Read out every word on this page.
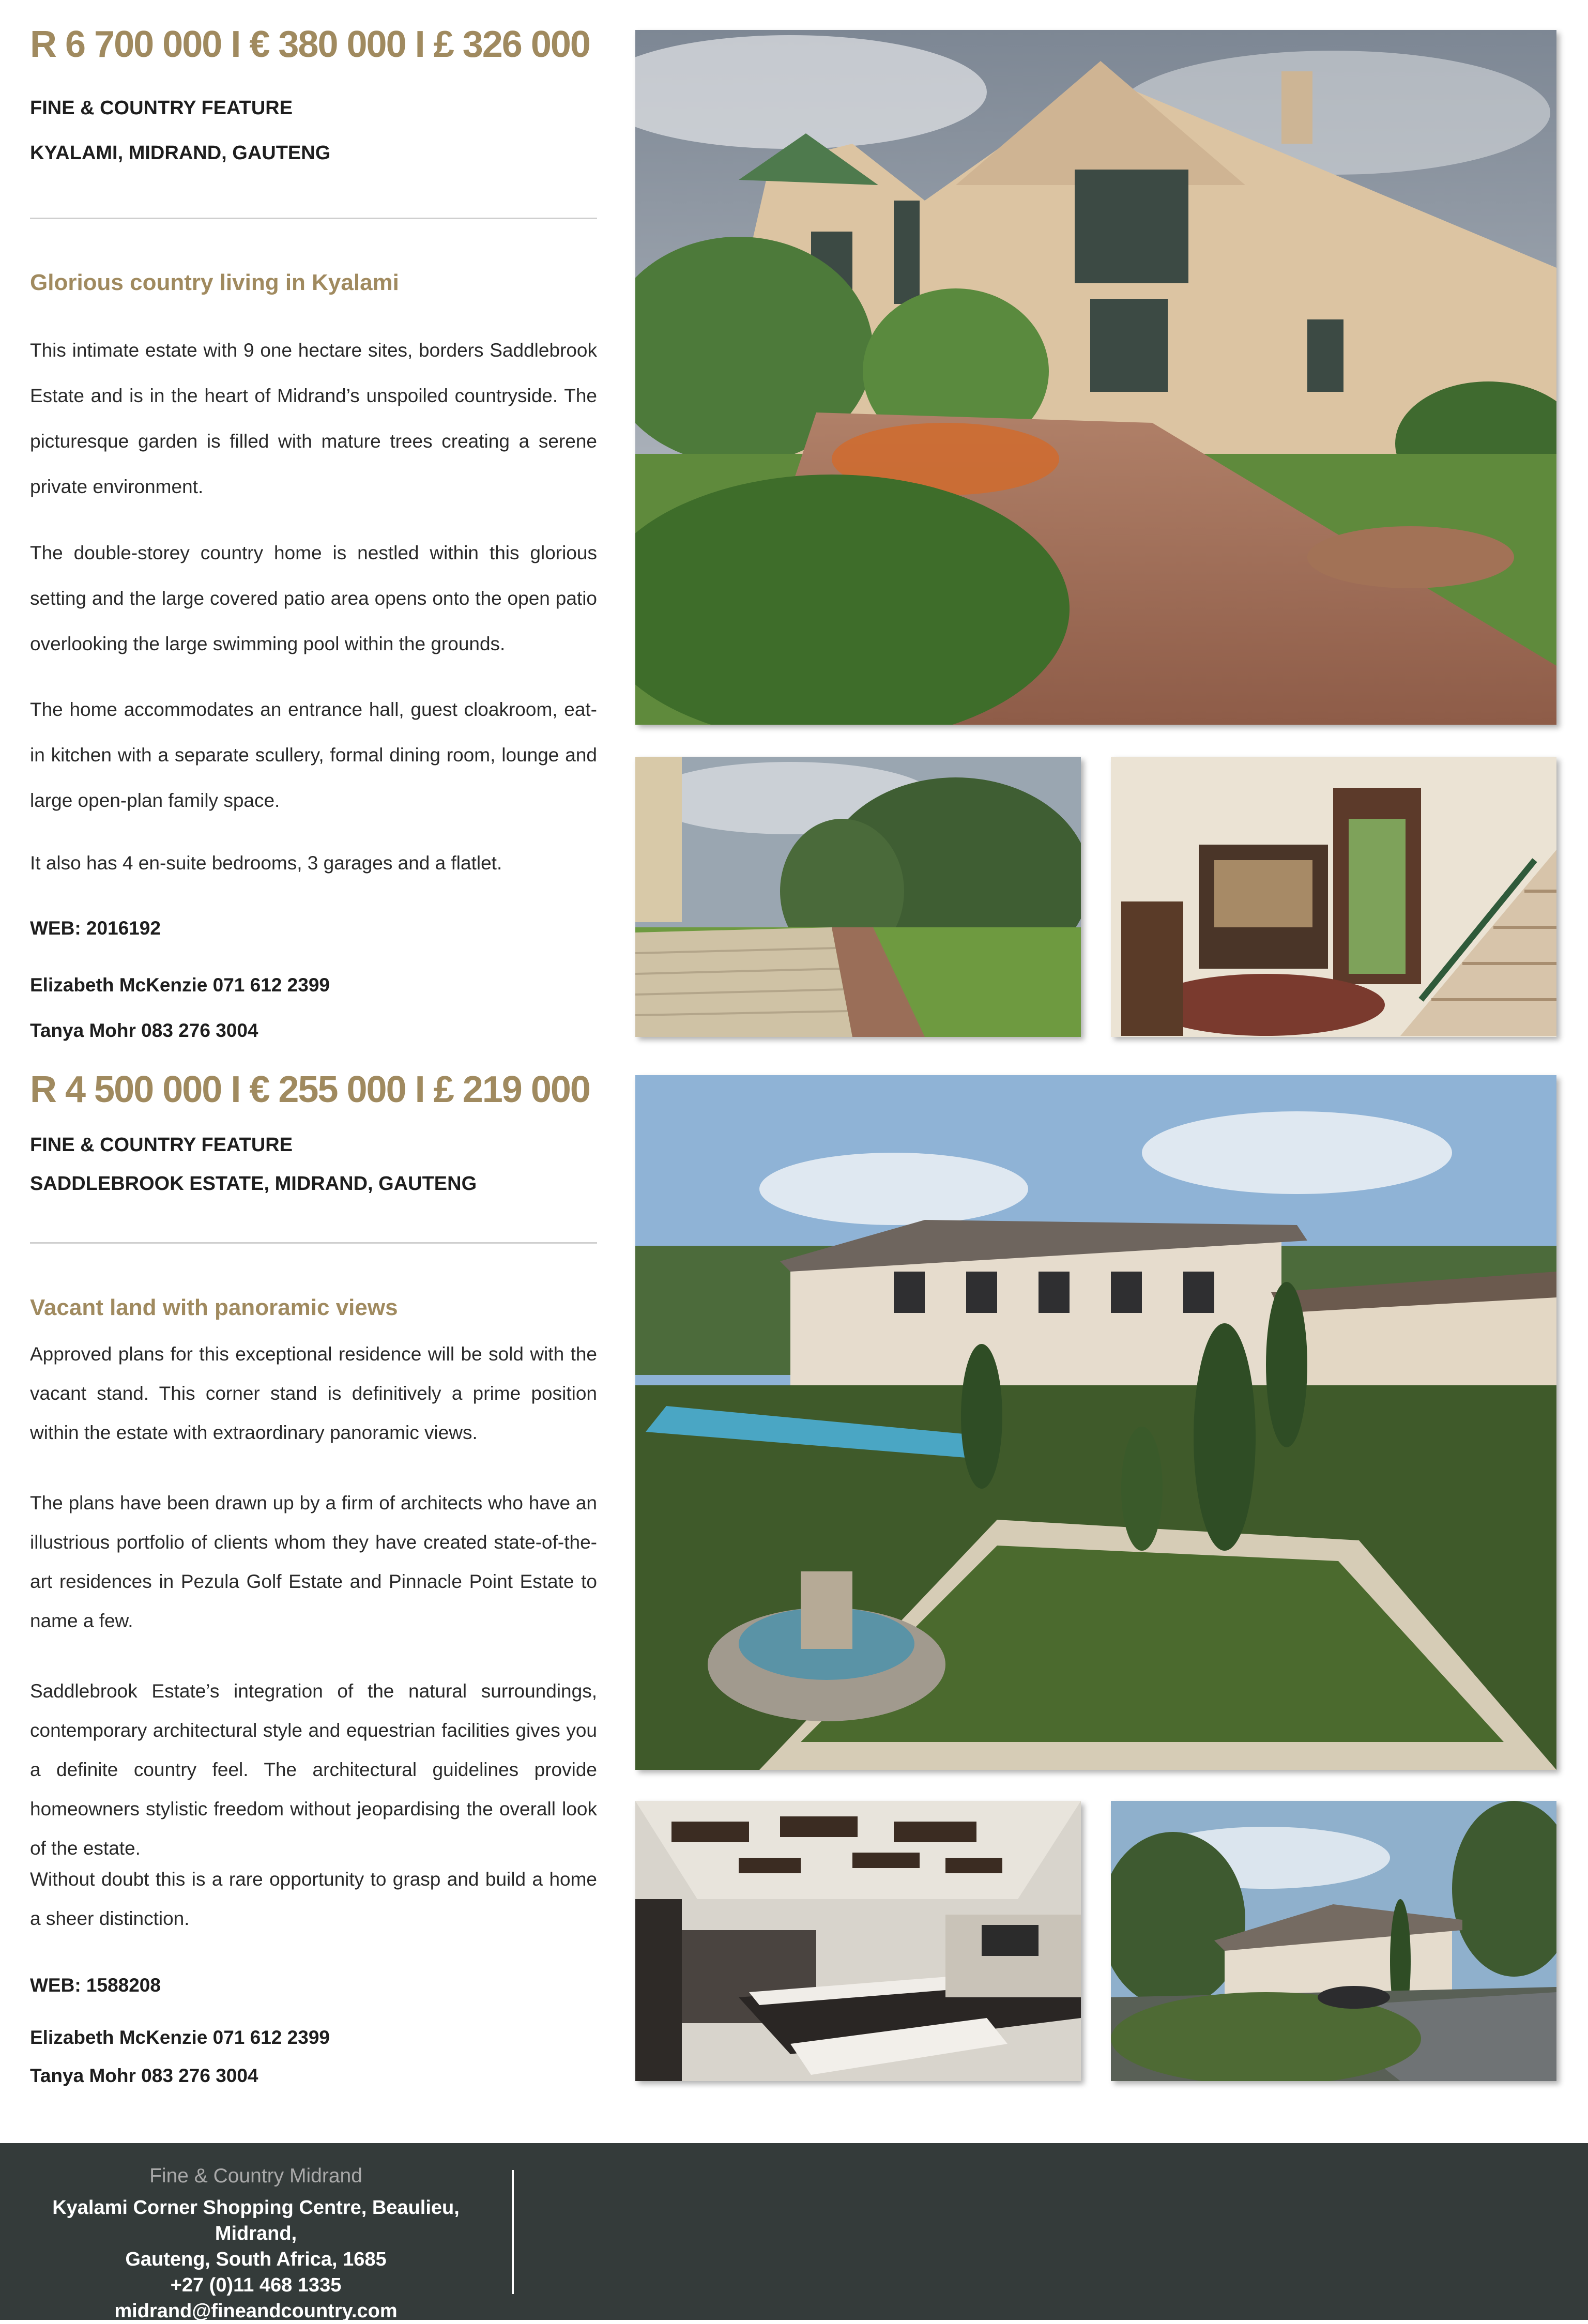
R 6 700 000 I € 380 000 I £ 326 000

FINE & COUNTRY FEATURE

KYALAMI, MIDRAND, GAUTENG

Glorious country living in Kyalami

This intimate estate with 9 one hectare sites, borders Saddlebrook Estate and is in the heart of Midrand’s unspoiled countryside. The picturesque garden is filled with mature trees creating a serene private environment.

The double-storey country home is nestled within this glorious setting and the large covered patio area opens onto the open patio overlooking the large swimming pool within the grounds.

The home accommodates an entrance hall, guest cloakroom, eat-in kitchen with a separate scullery, formal dining room, lounge and large open-plan family space.

It also has 4 en-suite bedrooms, 3 garages and a flatlet.

WEB: 2016192

Elizabeth McKenzie 071 612 2399

Tanya Mohr 083 276 3004

R 4 500 000 I € 255 000 I £ 219 000

FINE & COUNTRY FEATURE

SADDLEBROOK ESTATE, MIDRAND, GAUTENG

Vacant land with panoramic views

Approved plans for this exceptional residence will be sold with the vacant stand. This corner stand is definitively a prime position within the estate with extraordinary panoramic views.

The plans have been drawn up by a firm of architects who have an illustrious portfolio of clients whom they have created state-of-the-art residences in Pezula Golf Estate and Pinnacle Point Estate to name a few.

Saddlebrook Estate’s integration of the natural surroundings, contemporary architectural style and equestrian facilities gives you a definite country feel. The architectural guidelines provide homeowners stylistic freedom without jeopardising the overall look of the estate.

Without doubt this is a rare opportunity to grasp and build a home a sheer distinction.

WEB: 1588208

Elizabeth McKenzie 071 612 2399

Tanya Mohr 083 276 3004

Fine & Country Midrand

Kyalami Corner Shopping Centre, Beaulieu, Midrand,

Gauteng, South Africa, 1685

+27 (0)11 468 1335

midrand@fineandcountry.com
